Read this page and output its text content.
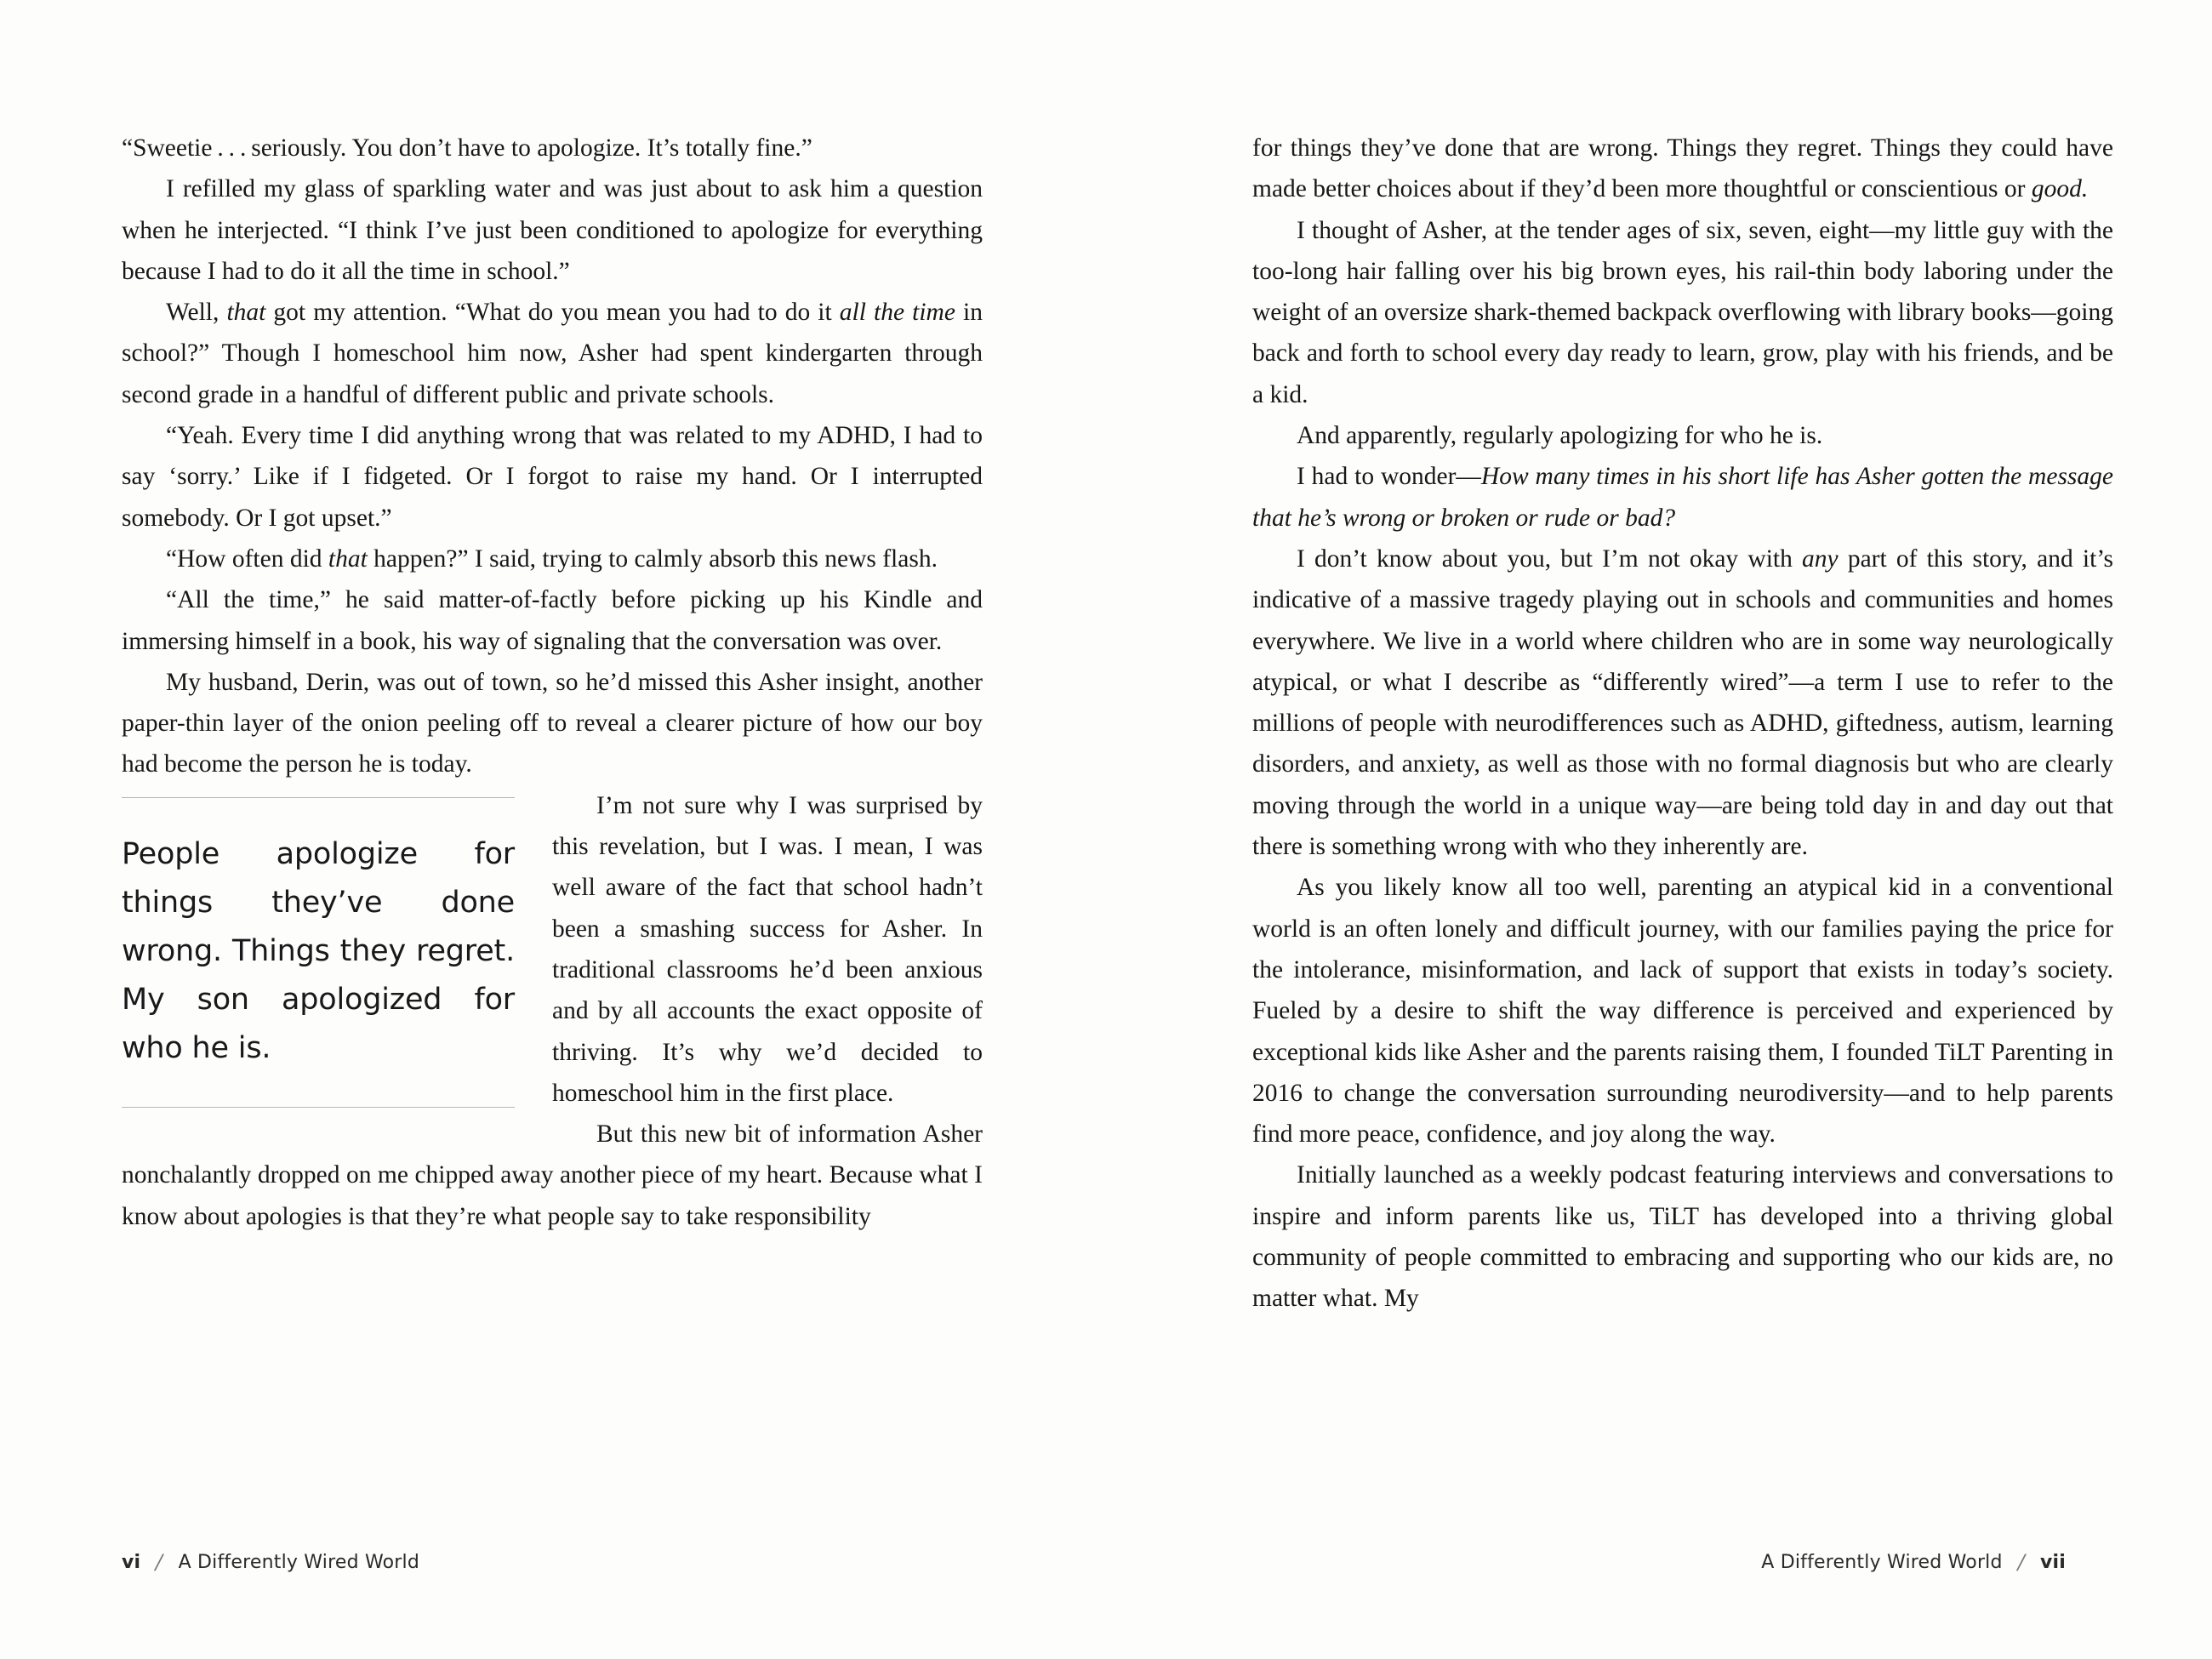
“Sweetie . . . seriously. You don’t have to apologize. It’s totally fine.”

I refilled my glass of sparkling water and was just about to ask him a question when he interjected. “I think I’ve just been conditioned to apologize for everything because I had to do it all the time in school.”

Well, that got my attention. “What do you mean you had to do it all the time in school?” Though I homeschool him now, Asher had spent kindergarten through second grade in a handful of different public and private schools.

“Yeah. Every time I did anything wrong that was related to my ADHD, I had to say ‘sorry.’ Like if I fidgeted. Or I forgot to raise my hand. Or I interrupted somebody. Or I got upset.”

“How often did that happen?” I said, trying to calmly absorb this news flash.

“All the time,” he said matter-of-factly before picking up his Kindle and immersing himself in a book, his way of signaling that the conversation was over.

My husband, Derin, was out of town, so he’d missed this Asher insight, another paper-thin layer of the onion peeling off to reveal a clearer picture of how our boy had become the person he is today.

People apologize for things they’ve done wrong. Things they regret. My son apologized for who he is.

I’m not sure why I was surprised by this revelation, but I was. I mean, I was well aware of the fact that school hadn’t been a smashing success for Asher. In traditional classrooms he’d been anxious and by all accounts the exact opposite of thriving. It’s why we’d decided to homeschool him in the first place.

But this new bit of information Asher nonchalantly dropped on me chipped away another piece of my heart. Because what I know about apologies is that they’re what people say to take responsibility

vi / A Differently Wired World

for things they’ve done that are wrong. Things they regret. Things they could have made better choices about if they’d been more thoughtful or conscientious or good.

I thought of Asher, at the tender ages of six, seven, eight—my little guy with the too-long hair falling over his big brown eyes, his rail-thin body laboring under the weight of an oversize shark-themed backpack overflowing with library books—going back and forth to school every day ready to learn, grow, play with his friends, and be a kid.

And apparently, regularly apologizing for who he is.

I had to wonder—How many times in his short life has Asher gotten the message that he’s wrong or broken or rude or bad?

I don’t know about you, but I’m not okay with any part of this story, and it’s indicative of a massive tragedy playing out in schools and communities and homes everywhere. We live in a world where children who are in some way neurologically atypical, or what I describe as “differently wired”—a term I use to refer to the millions of people with neurodifferences such as ADHD, giftedness, autism, learning disorders, and anxiety, as well as those with no formal diagnosis but who are clearly moving through the world in a unique way—are being told day in and day out that there is something wrong with who they inherently are.

As you likely know all too well, parenting an atypical kid in a conventional world is an often lonely and difficult journey, with our families paying the price for the intolerance, misinformation, and lack of support that exists in today’s society. Fueled by a desire to shift the way difference is perceived and experienced by exceptional kids like Asher and the parents raising them, I founded TiLT Parenting in 2016 to change the conversation surrounding neurodiversity—and to help parents find more peace, confidence, and joy along the way.

Initially launched as a weekly podcast featuring interviews and conversations to inspire and inform parents like us, TiLT has developed into a thriving global community of people committed to embracing and supporting who our kids are, no matter what. My

A Differently Wired World / vii
